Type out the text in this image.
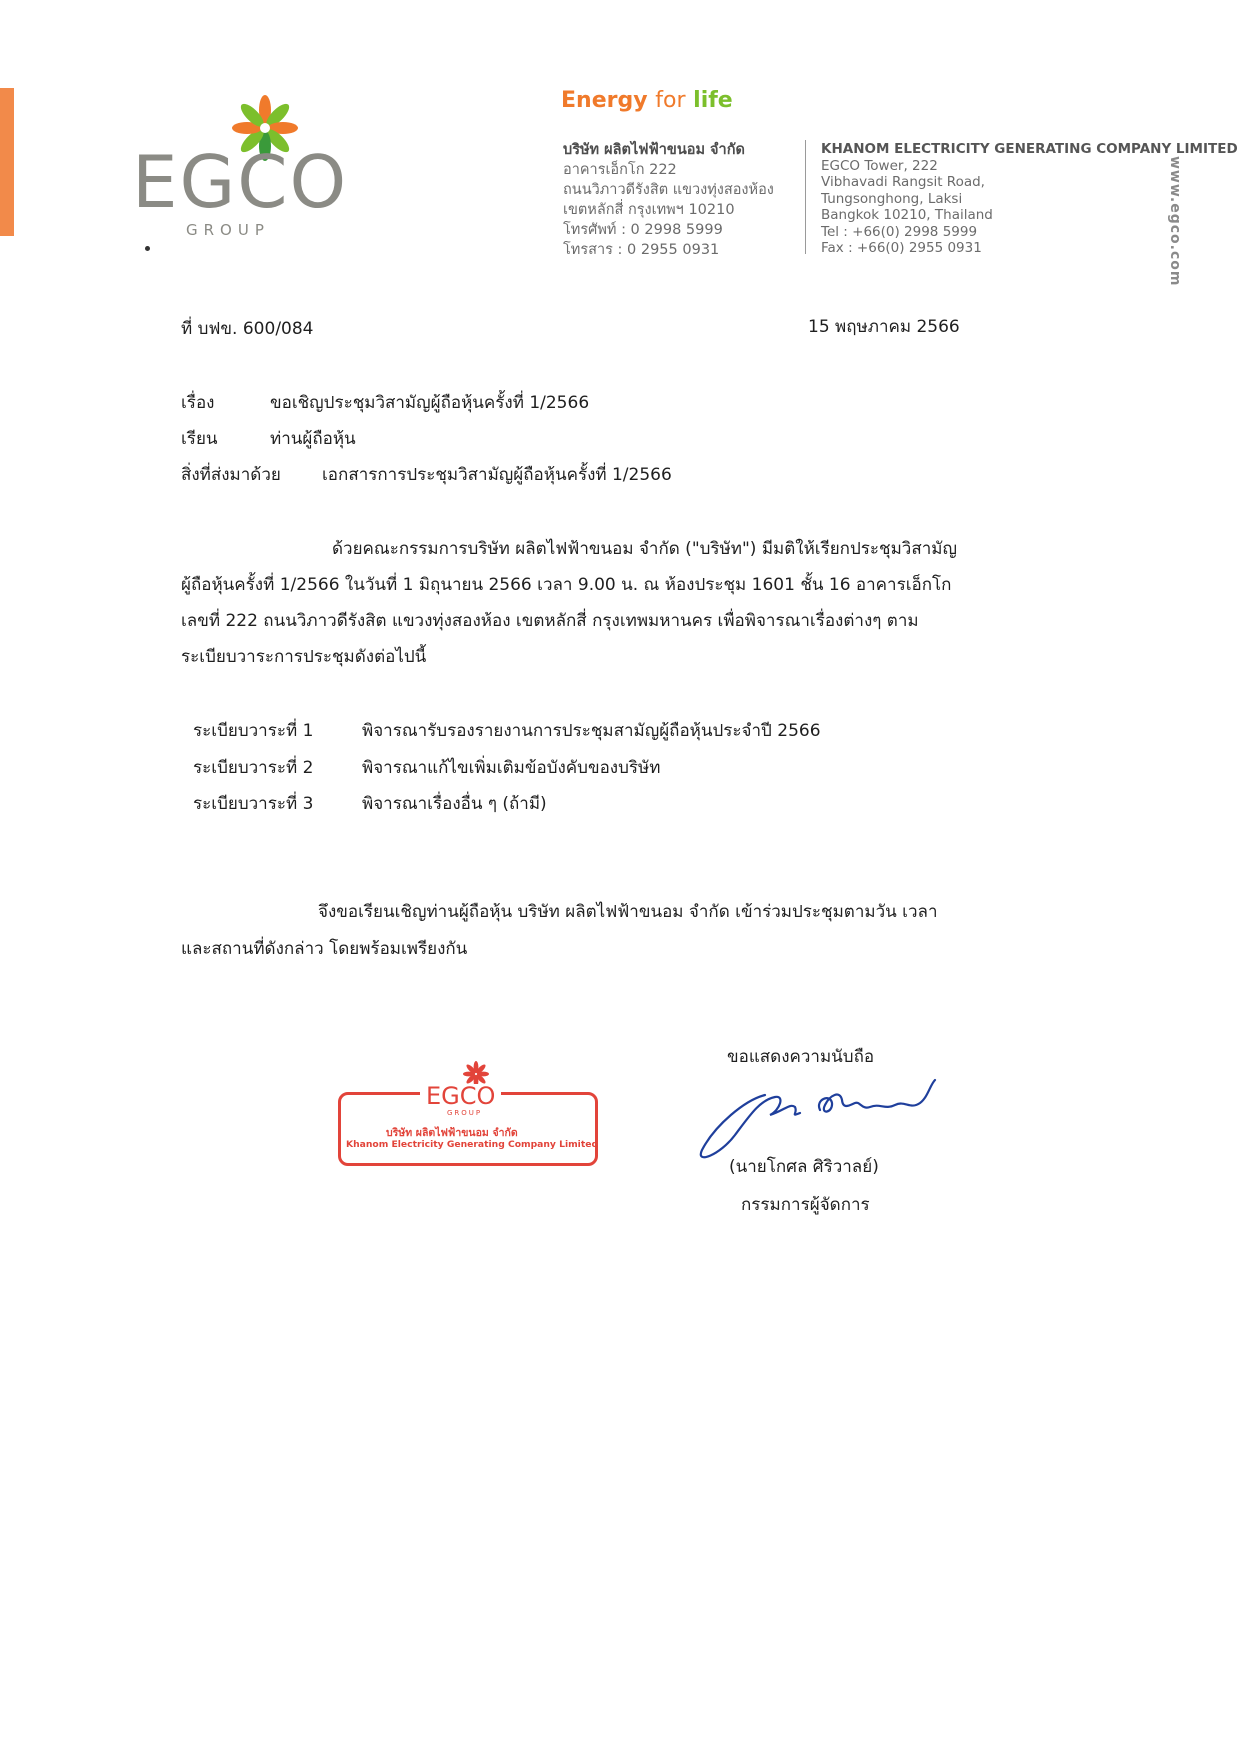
EGCO
GROUP
Energy for life
บริษัท ผลิตไฟฟ้าขนอม จำกัด
อาคารเอ็กโก 222
ถนนวิภาวดีรังสิต แขวงทุ่งสองห้อง
เขตหลักสี่ กรุงเทพฯ 10210
โทรศัพท์ : 0 2998 5999
โทรสาร : 0 2955 0931
KHANOM ELECTRICITY GENERATING COMPANY LIMITED
EGCO Tower, 222
Vibhavadi Rangsit Road,
Tungsonghong, Laksi
Bangkok 10210, Thailand
Tel : +66(0) 2998 5999
Fax : +66(0) 2955 0931	www.egco.com
ที่ บฟข. 600/084	15 พฤษภาคม 2566
เรื่อง	ขอเชิญประชุมวิสามัญผู้ถือหุ้นครั้งที่ 1/2566
เรียน	ท่านผู้ถือหุ้น
สิ่งที่ส่งมาด้วย เอกสารการประชุมวิสามัญผู้ถือหุ้นครั้งที่ 1/2566
ด้วยคณะกรรมการบริษัท ผลิตไฟฟ้าขนอม จำกัด ("บริษัท") มีมติให้เรียกประชุมวิสามัญ
ผู้ถือหุ้นครั้งที่ 1/2566 ในวันที่ 1 มิถุนายน 2566 เวลา 9.00 น. ณ ห้องประชุม 1601 ชั้น 16 อาคารเอ็กโก
เลขที่ 222 ถนนวิภาวดีรังสิต แขวงทุ่งสองห้อง เขตหลักสี่ กรุงเทพมหานคร เพื่อพิจารณาเรื่องต่างๆ ตาม
ระเบียบวาระการประชุมดังต่อไปนี้
ระเบียบวาระที่ 1	พิจารณารับรองรายงานการประชุมสามัญผู้ถือหุ้นประจำปี 2566
ระเบียบวาระที่ 2	พิจารณาแก้ไขเพิ่มเติมข้อบังคับของบริษัท
ระเบียบวาระที่ 3	พิจารณาเรื่องอื่น ๆ (ถ้ามี)
จึงขอเรียนเชิญท่านผู้ถือหุ้น บริษัท ผลิตไฟฟ้าขนอม จำกัด เข้าร่วมประชุมตามวัน เวลา
และสถานที่ดังกล่าว โดยพร้อมเพรียงกัน
ขอแสดงความนับถือ
(นายโกศล ศิริวาลย์)
กรรมการผู้จัดการ
EGCO
GROUP
บริษัท ผลิตไฟฟ้าขนอม จำกัด
Khanom Electricity Generating Company Limited
